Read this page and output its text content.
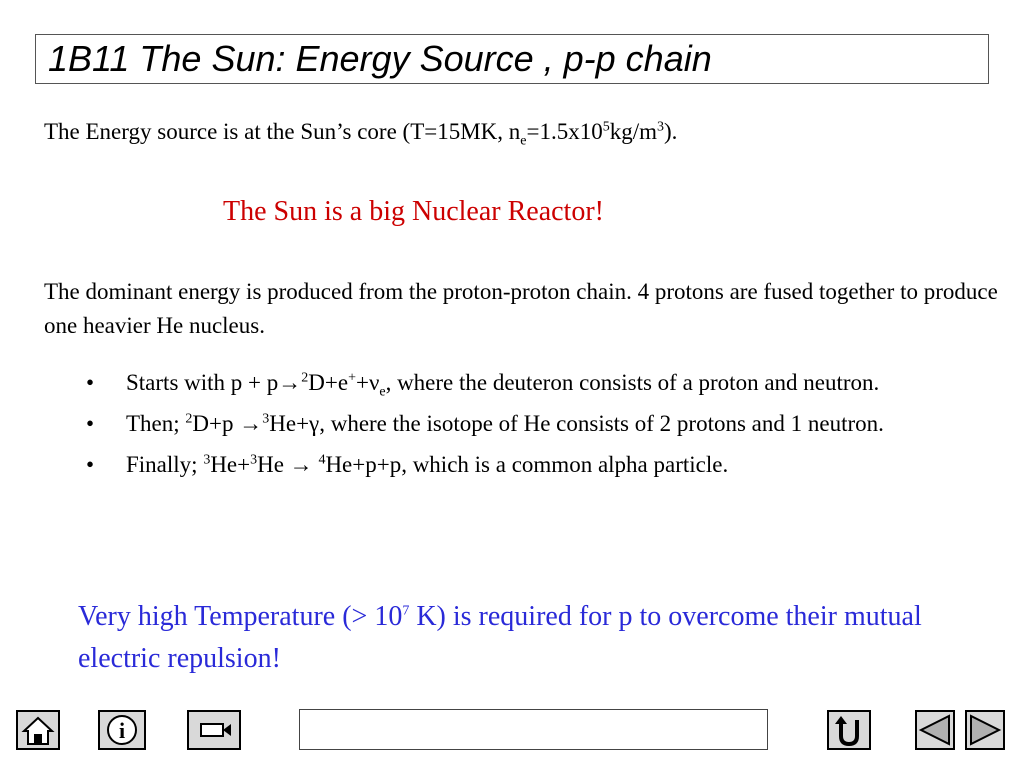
1B11 The Sun: Energy Source , p-p chain
The Energy source is at the Sun’s core (T=15MK, $n_e=1.5x10^5kg/m^3$).
The Sun is a big Nuclear Reactor!
The dominant energy is produced from the proton-proton chain. 4 protons are fused together to produce one heavier He nucleus.
• Starts with $p + p\to^2D+e^++\nu_e$, where the deuteron consists of a proton and neutron.
• Then; $^2$D+p →$^3$He+γ, where the isotope of He consists of 2 protons and 1 neutron.
• Finally; $^3$He+$^3$He → $^4$He+p+p, which is a common alpha particle.
Very high Temperature (> $10^7$ K) is required for p to overcome their mutual electric repulsion!
i
